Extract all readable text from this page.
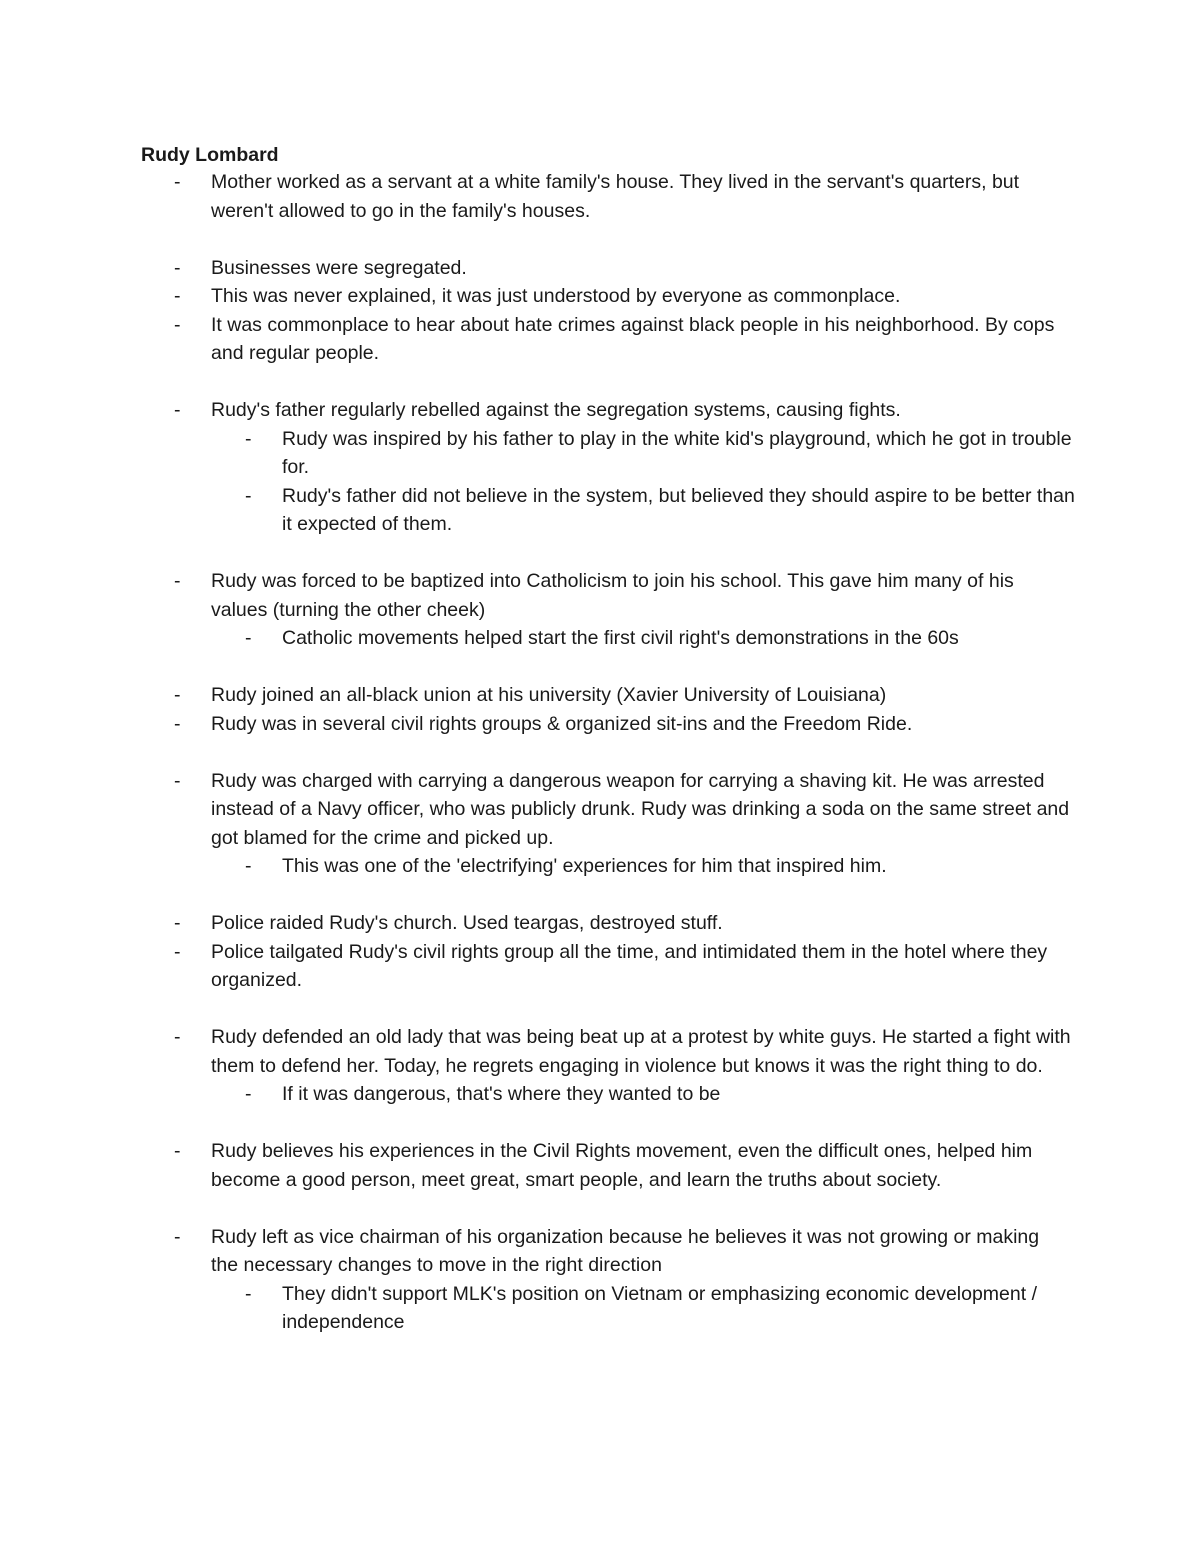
Rudy Lombard
-	Mother worked as a servant at a white family's house. They lived in the servant's quarters, but weren't allowed to go in the family's houses.
-	Businesses were segregated.
-	This was never explained, it was just understood by everyone as commonplace.
-	It was commonplace to hear about hate crimes against black people in his neighborhood. By cops and regular people.
-	Rudy's father regularly rebelled against the segregation systems, causing fights.
-	Rudy was inspired by his father to play in the white kid's playground, which he got in trouble for.
-	Rudy's father did not believe in the system, but believed they should aspire to be better than it expected of them.
-	Rudy was forced to be baptized into Catholicism to join his school. This gave him many of his values (turning the other cheek)
-	Catholic movements helped start the first civil right's demonstrations in the 60s
-	Rudy joined an all-black union at his university (Xavier University of Louisiana)
-	Rudy was in several civil rights groups & organized sit-ins and the Freedom Ride.
-	Rudy was charged with carrying a dangerous weapon for carrying a shaving kit. He was arrested instead of a Navy officer, who was publicly drunk. Rudy was drinking a soda on the same street and got blamed for the crime and picked up.
-	This was one of the 'electrifying' experiences for him that inspired him.
-	Police raided Rudy's church. Used teargas, destroyed stuff.
-	Police tailgated Rudy's civil rights group all the time, and intimidated them in the hotel where they organized.
-	Rudy defended an old lady that was being beat up at a protest by white guys. He started a fight with them to defend her. Today, he regrets engaging in violence but knows it was the right thing to do.
-	If it was dangerous, that's where they wanted to be
-	Rudy believes his experiences in the Civil Rights movement, even the difficult ones, helped him become a good person, meet great, smart people, and learn the truths about society.
-	Rudy left as vice chairman of his organization because he believes it was not growing or making the necessary changes to move in the right direction
-	They didn't support MLK's position on Vietnam or emphasizing economic development / independence
